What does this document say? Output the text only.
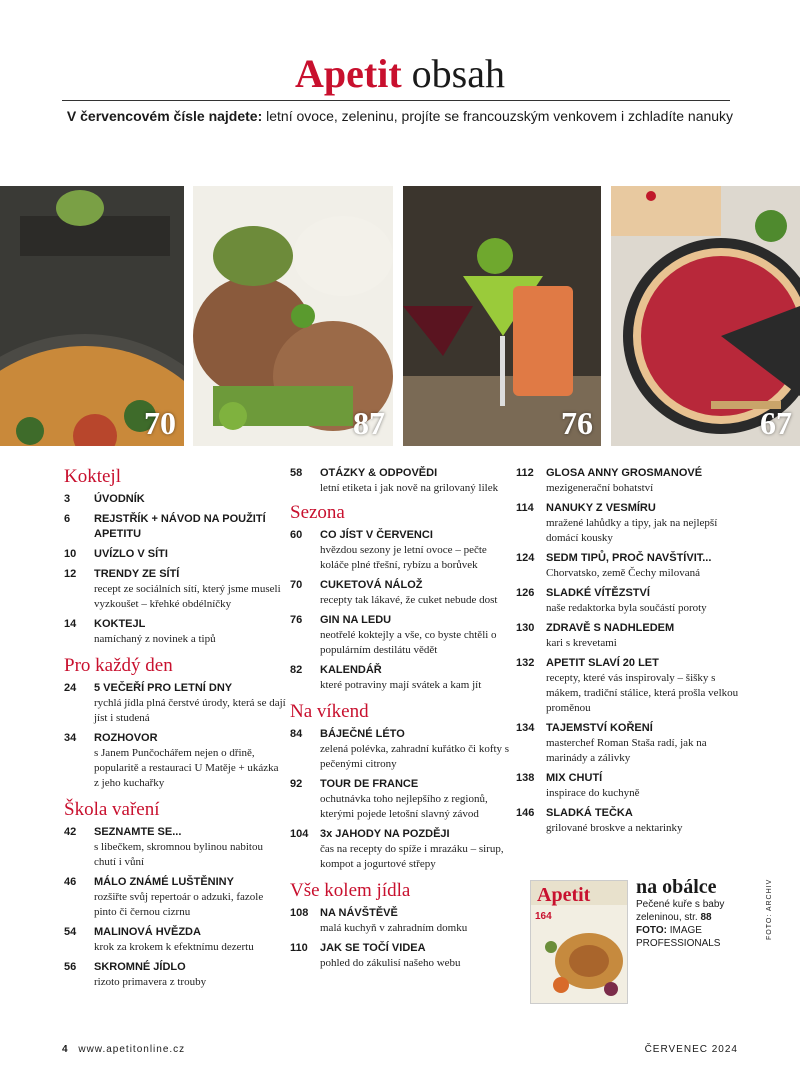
Apetit obsah
V červencovém čísle najdete: letní ovoce, zeleninu, projíte se francouzským venkovem i zchladíte nanuky
70	87	76	67
Koktejl
3	ÚVODNÍK
6	REJSTŘÍK + NÁVOD NA POUŽITÍ APETITU
10	UVÍZLO V SÍTI
12	TRENDY ZE SÍTÍ
recept ze sociálních sítí, který jsme museli vyzkoušet – křehké obdélníčky
14	KOKTEJL
namíchaný z novinek a tipů
Pro každý den
24	5 VEČEŘÍ PRO LETNÍ DNY
rychlá jídla plná čerstvé úrody, která se dají jíst i studená
34	ROZHOVOR
s Janem Punčochářem nejen o dřině, popularitě a restauraci U Matěje + ukázka z jeho kuchařky
Škola vaření
42	SEZNAMTE SE...
s libečkem, skromnou bylinou nabitou chutí i vůní
46	MÁLO ZNÁMÉ LUŠTĚNINY
rozšiřte svůj repertoár o adzuki, fazole pinto či černou cizrnu
54	MALINOVÁ HVĚZDA
krok za krokem k efektnímu dezertu
56	SKROMNÉ JÍDLO
rizoto primavera z trouby
58	OTÁZKY & ODPOVĚDI
letní etiketa i jak nově na grilovaný lilek
Sezona
60	CO JÍST V ČERVENCI
hvězdou sezony je letní ovoce – pečte koláče plné třešní, rybízu a borůvek
70	CUKETOVÁ NÁLOŽ
recepty tak lákavé, že cuket nebude dost
76	GIN NA LEDU
neotřelé koktejly a vše, co byste chtěli o populárním destilátu vědět
82	KALENDÁŘ
které potraviny mají svátek a kam jít
Na víkend
84	BÁJEČNÉ LÉTO
zelená polévka, zahradní kuřátko či kofty s pečenými citrony
92	TOUR DE FRANCE
ochutnávka toho nejlepšího z regionů, kterými pojede letošní slavný závod
104	3x JAHODY NA POZDĚJI
čas na recepty do spíže i mrazáku – sirup, kompot a jogurtové střepy
Vše kolem jídla
108	NA NÁVŠTĚVĚ
malá kuchyň v zahradním domku
110	JAK SE TOČÍ VIDEA
pohled do zákulisí našeho webu
112	GLOSA ANNY GROSMANOVÉ
mezigenerační bohatství
114	NANUKY Z VESMÍRU
mražené lahůdky a tipy, jak na nejlepší domácí kousky
124	SEDM TIPŮ, PROČ NAVŠTÍVIT...
Chorvatsko, země Čechy milovaná
126	SLADKÉ VÍTĚZSTVÍ
naše redaktorka byla součástí poroty
130	ZDRAVĚ S NADHLEDEM
kari s krevetami
132	APETIT SLAVÍ 20 LET
recepty, které vás inspirovaly – šišky s mákem, tradiční stálice, která prošla velkou proměnou
134	TAJEMSTVÍ KOŘENÍ
masterchef Roman Staša radí, jak na marinády a zálivky
138	MIX CHUTÍ
inspirace do kuchyně
146	SLADKÁ TEČKA
grilované broskve a nektarinky
Apetit
164
na obálce
Pečené kuře s baby zeleninou, str. 88
FOTO: IMAGE PROFESSIONALS
FOTO: ARCHIV
4 www.apetitonline.cz	ČERVENEC 2024
